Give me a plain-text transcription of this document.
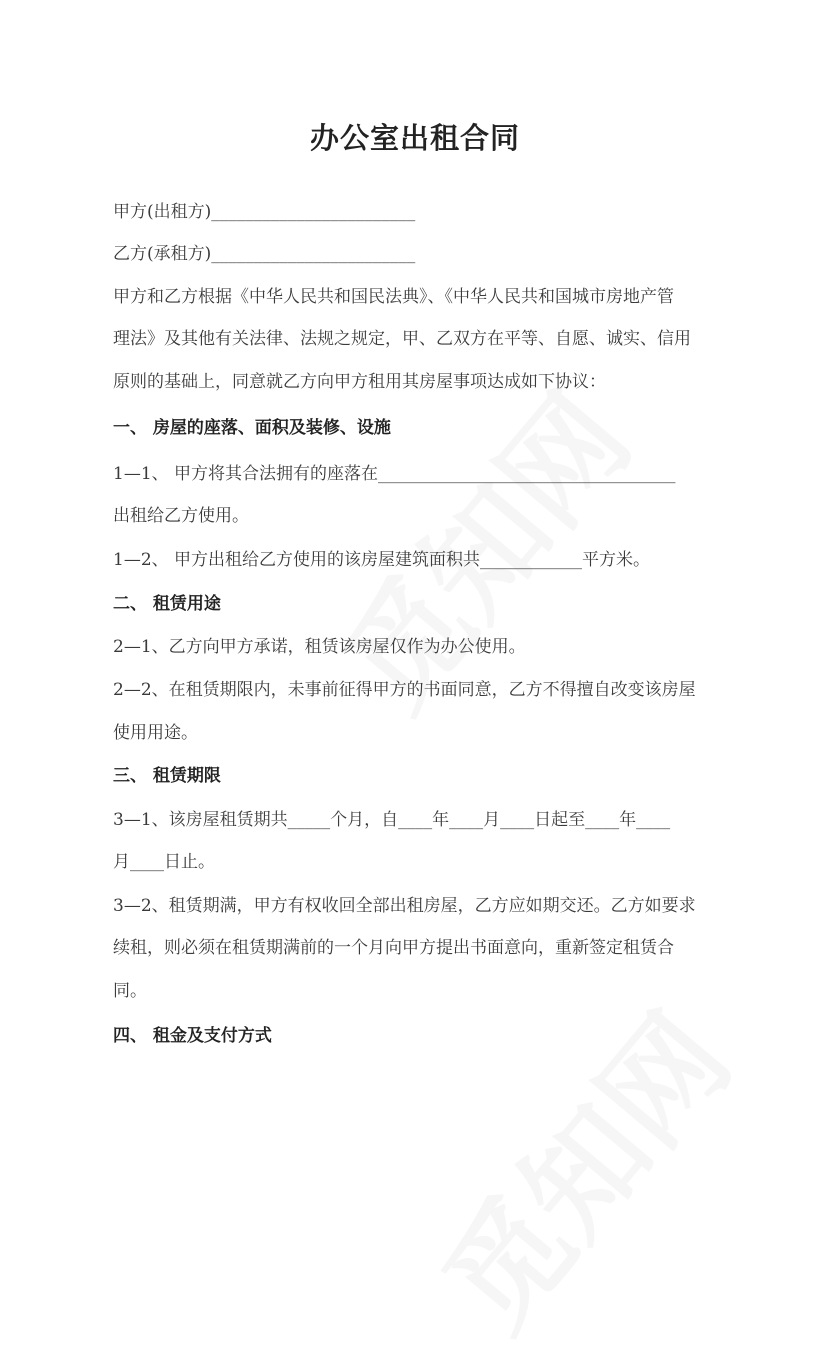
办公室出租合同
甲方(出租方)________________________
乙方(承租方)________________________
甲方和乙方根据《中华人民共和国民法典》、《中华人民共和国城市房地产管
理法》及其他有关法律、法规之规定，甲、乙双方在平等、自愿、诚实、信用
原则的基础上，同意就乙方向甲方租用其房屋事项达成如下协议：
一、 房屋的座落、面积及装修、设施
1—1、 甲方将其合法拥有的座落在___________________________________
出租给乙方使用。
1—2、 甲方出租给乙方使用的该房屋建筑面积共____________平方米。
二、 租赁用途
2—1、乙方向甲方承诺，租赁该房屋仅作为办公使用。
2—2、在租赁期限内，未事前征得甲方的书面同意，乙方不得擅自改变该房屋
使用用途。
三、 租赁期限
3—1、该房屋租赁期共_____个月，自____年____月____日起至____年____
月____日止。
3—2、租赁期满，甲方有权收回全部出租房屋，乙方应如期交还。乙方如要求
续租，则必须在租赁期满前的一个月向甲方提出书面意向，重新签定租赁合
同。
四、 租金及支付方式
